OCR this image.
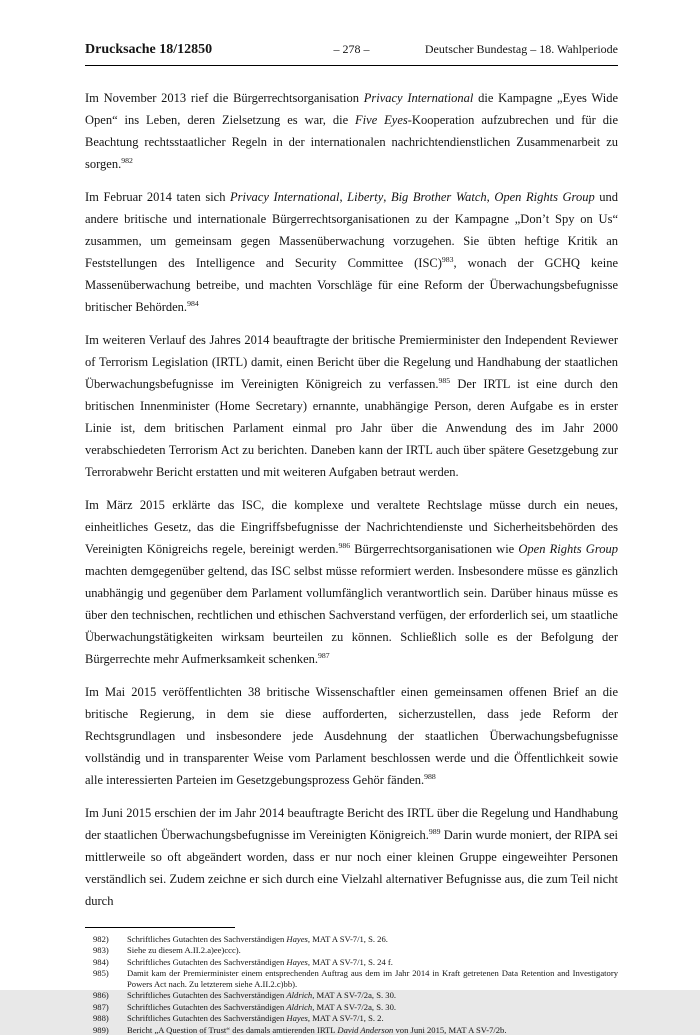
Drucksache 18/12850	– 278 –	Deutscher Bundestag – 18. Wahlperiode

Im November 2013 rief die Bürgerrechtsorganisation Privacy International die Kampagne „Eyes Wide Open“ ins Leben, deren Zielsetzung es war, die Five Eyes-Kooperation aufzubrechen und für die Beachtung rechtsstaatlicher Regeln in der internationalen nachrichtendienstlichen Zusammenarbeit zu sorgen.$^{982}$

Im Februar 2014 taten sich Privacy International, Liberty, Big Brother Watch, Open Rights Group und andere britische und internationale Bürgerrechtsorganisationen zu der Kampagne „Don’t Spy on Us“ zusammen, um gemeinsam gegen Massenüberwachung vorzugehen. Sie übten heftige Kritik an Feststellungen des Intelligence and Security Committee (ISC)$^{983}$, wonach der GCHQ keine Massenüberwachung betreibe, und machten Vorschläge für eine Reform der Überwachungsbefugnisse britischer Behörden.$^{984}$

Im weiteren Verlauf des Jahres 2014 beauftragte der britische Premierminister den Independent Reviewer of Terrorism Legislation (IRTL) damit, einen Bericht über die Regelung und Handhabung der staatlichen Überwachungsbefugnisse im Vereinigten Königreich zu verfassen.$^{985}$ Der IRTL ist eine durch den britischen Innenminister (Home Secretary) ernannte, unabhängige Person, deren Aufgabe es in erster Linie ist, dem britischen Parlament einmal pro Jahr über die Anwendung des im Jahr 2000 verabschiedeten Terrorism Act zu berichten. Daneben kann der IRTL auch über spätere Gesetzgebung zur Terrorabwehr Bericht erstatten und mit weiteren Aufgaben betraut werden.

Im März 2015 erklärte das ISC, die komplexe und veraltete Rechtslage müsse durch ein neues, einheitliches Gesetz, das die Eingriffsbefugnisse der Nachrichtendienste und Sicherheitsbehörden des Vereinigten Königreichs regele, bereinigt werden.$^{986}$ Bürgerrechtsorganisationen wie Open Rights Group machten demgegenüber geltend, das ISC selbst müsse reformiert werden. Insbesondere müsse es gänzlich unabhängig und gegenüber dem Parlament vollumfänglich verantwortlich sein. Darüber hinaus müsse es über den technischen, rechtlichen und ethischen Sachverstand verfügen, der erforderlich sei, um staatliche Überwachungstätigkeiten wirksam beurteilen zu können. Schließlich solle es der Befolgung der Bürgerrechte mehr Aufmerksamkeit schenken.$^{987}$

Im Mai 2015 veröffentlichten 38 britische Wissenschaftler einen gemeinsamen offenen Brief an die britische Regierung, in dem sie diese aufforderten, sicherzustellen, dass jede Reform der Rechtsgrundlagen und insbesondere jede Ausdehnung der staatlichen Überwachungsbefugnisse vollständig und in transparenter Weise vom Parlament beschlossen werde und die Öffentlichkeit sowie alle interessierten Parteien im Gesetzgebungsprozess Gehör fänden.$^{988}$

Im Juni 2015 erschien der im Jahr 2014 beauftragte Bericht des IRTL über die Regelung und Handhabung der staatlichen Überwachungsbefugnisse im Vereinigten Königreich.$^{989}$ Darin wurde moniert, der RIPA sei mittlerweile so oft abgeändert worden, dass er nur noch einer kleinen Gruppe eingeweihter Personen verständlich sei. Zudem zeichne er sich durch eine Vielzahl alternativer Befugnisse aus, die zum Teil nicht durch

982)	Schriftliches Gutachten des Sachverständigen Hayes, MAT A SV-7/1, S. 26.
983)	Siehe zu diesem A.II.2.a)ee)ccc).
984)	Schriftliches Gutachten des Sachverständigen Hayes, MAT A SV-7/1, S. 24 f.
985)	Damit kam der Premierminister einem entsprechenden Auftrag aus dem im Jahr 2014 in Kraft getretenen Data Retention and Investigatory Powers Act nach. Zu letzterem siehe A.II.2.c)bb).
986)	Schriftliches Gutachten des Sachverständigen Aldrich, MAT A SV-7/2a, S. 30.
987)	Schriftliches Gutachten des Sachverständigen Aldrich, MAT A SV-7/2a, S. 30.
988)	Schriftliches Gutachten des Sachverständigen Hayes, MAT A SV-7/1, S. 2.
989)	Bericht „A Question of Trust“ des damals amtierenden IRTL David Anderson von Juni 2015, MAT A SV-7/2b.
